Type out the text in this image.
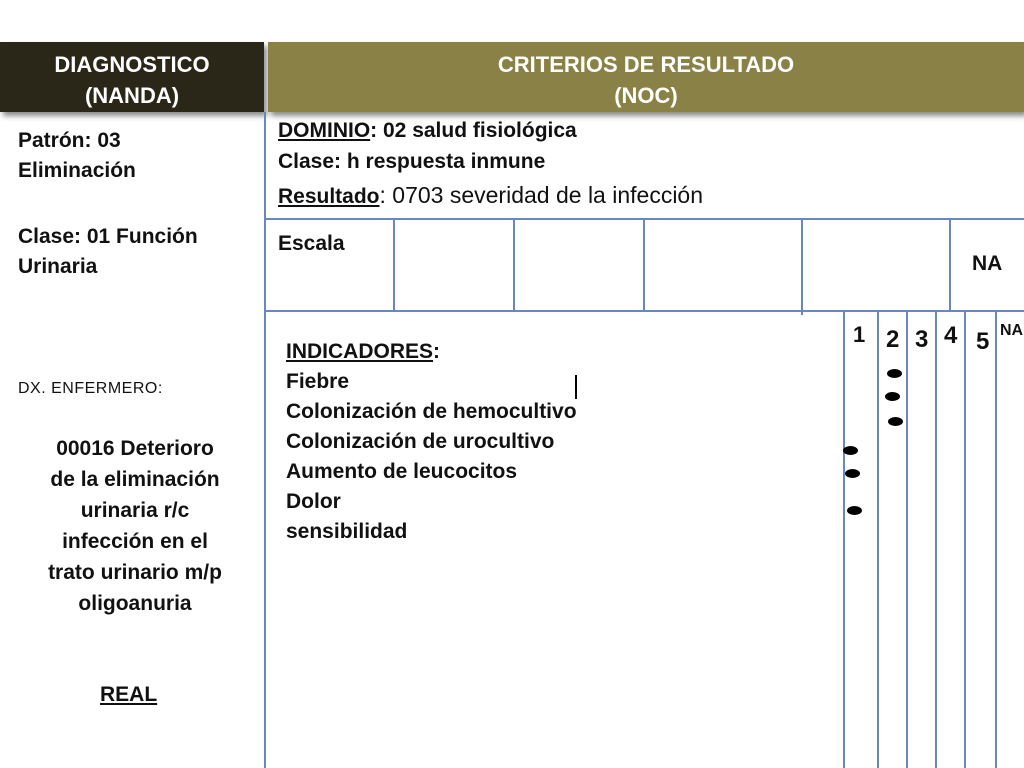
DIAGNOSTICO
(NANDA)
CRITERIOS DE RESULTADO
(NOC)
Patrón: 03
Eliminación
Clase: 01 Función
Urinaria
DX. ENFERMERO:
00016 Deterioro
de la eliminación
urinaria r/c
infección en el
trato urinario m/p
oligoanuria
REAL
DOMINIO: 02 salud fisiológica
Clase: h respuesta inmune
Resultado: 0703 severidad de la infección
Escala
NA
1 2 3 4 5 NA
INDICADORES:
Fiebre
Colonización de hemocultivo
Colonización de urocultivo
Aumento de leucocitos
Dolor
sensibilidad
